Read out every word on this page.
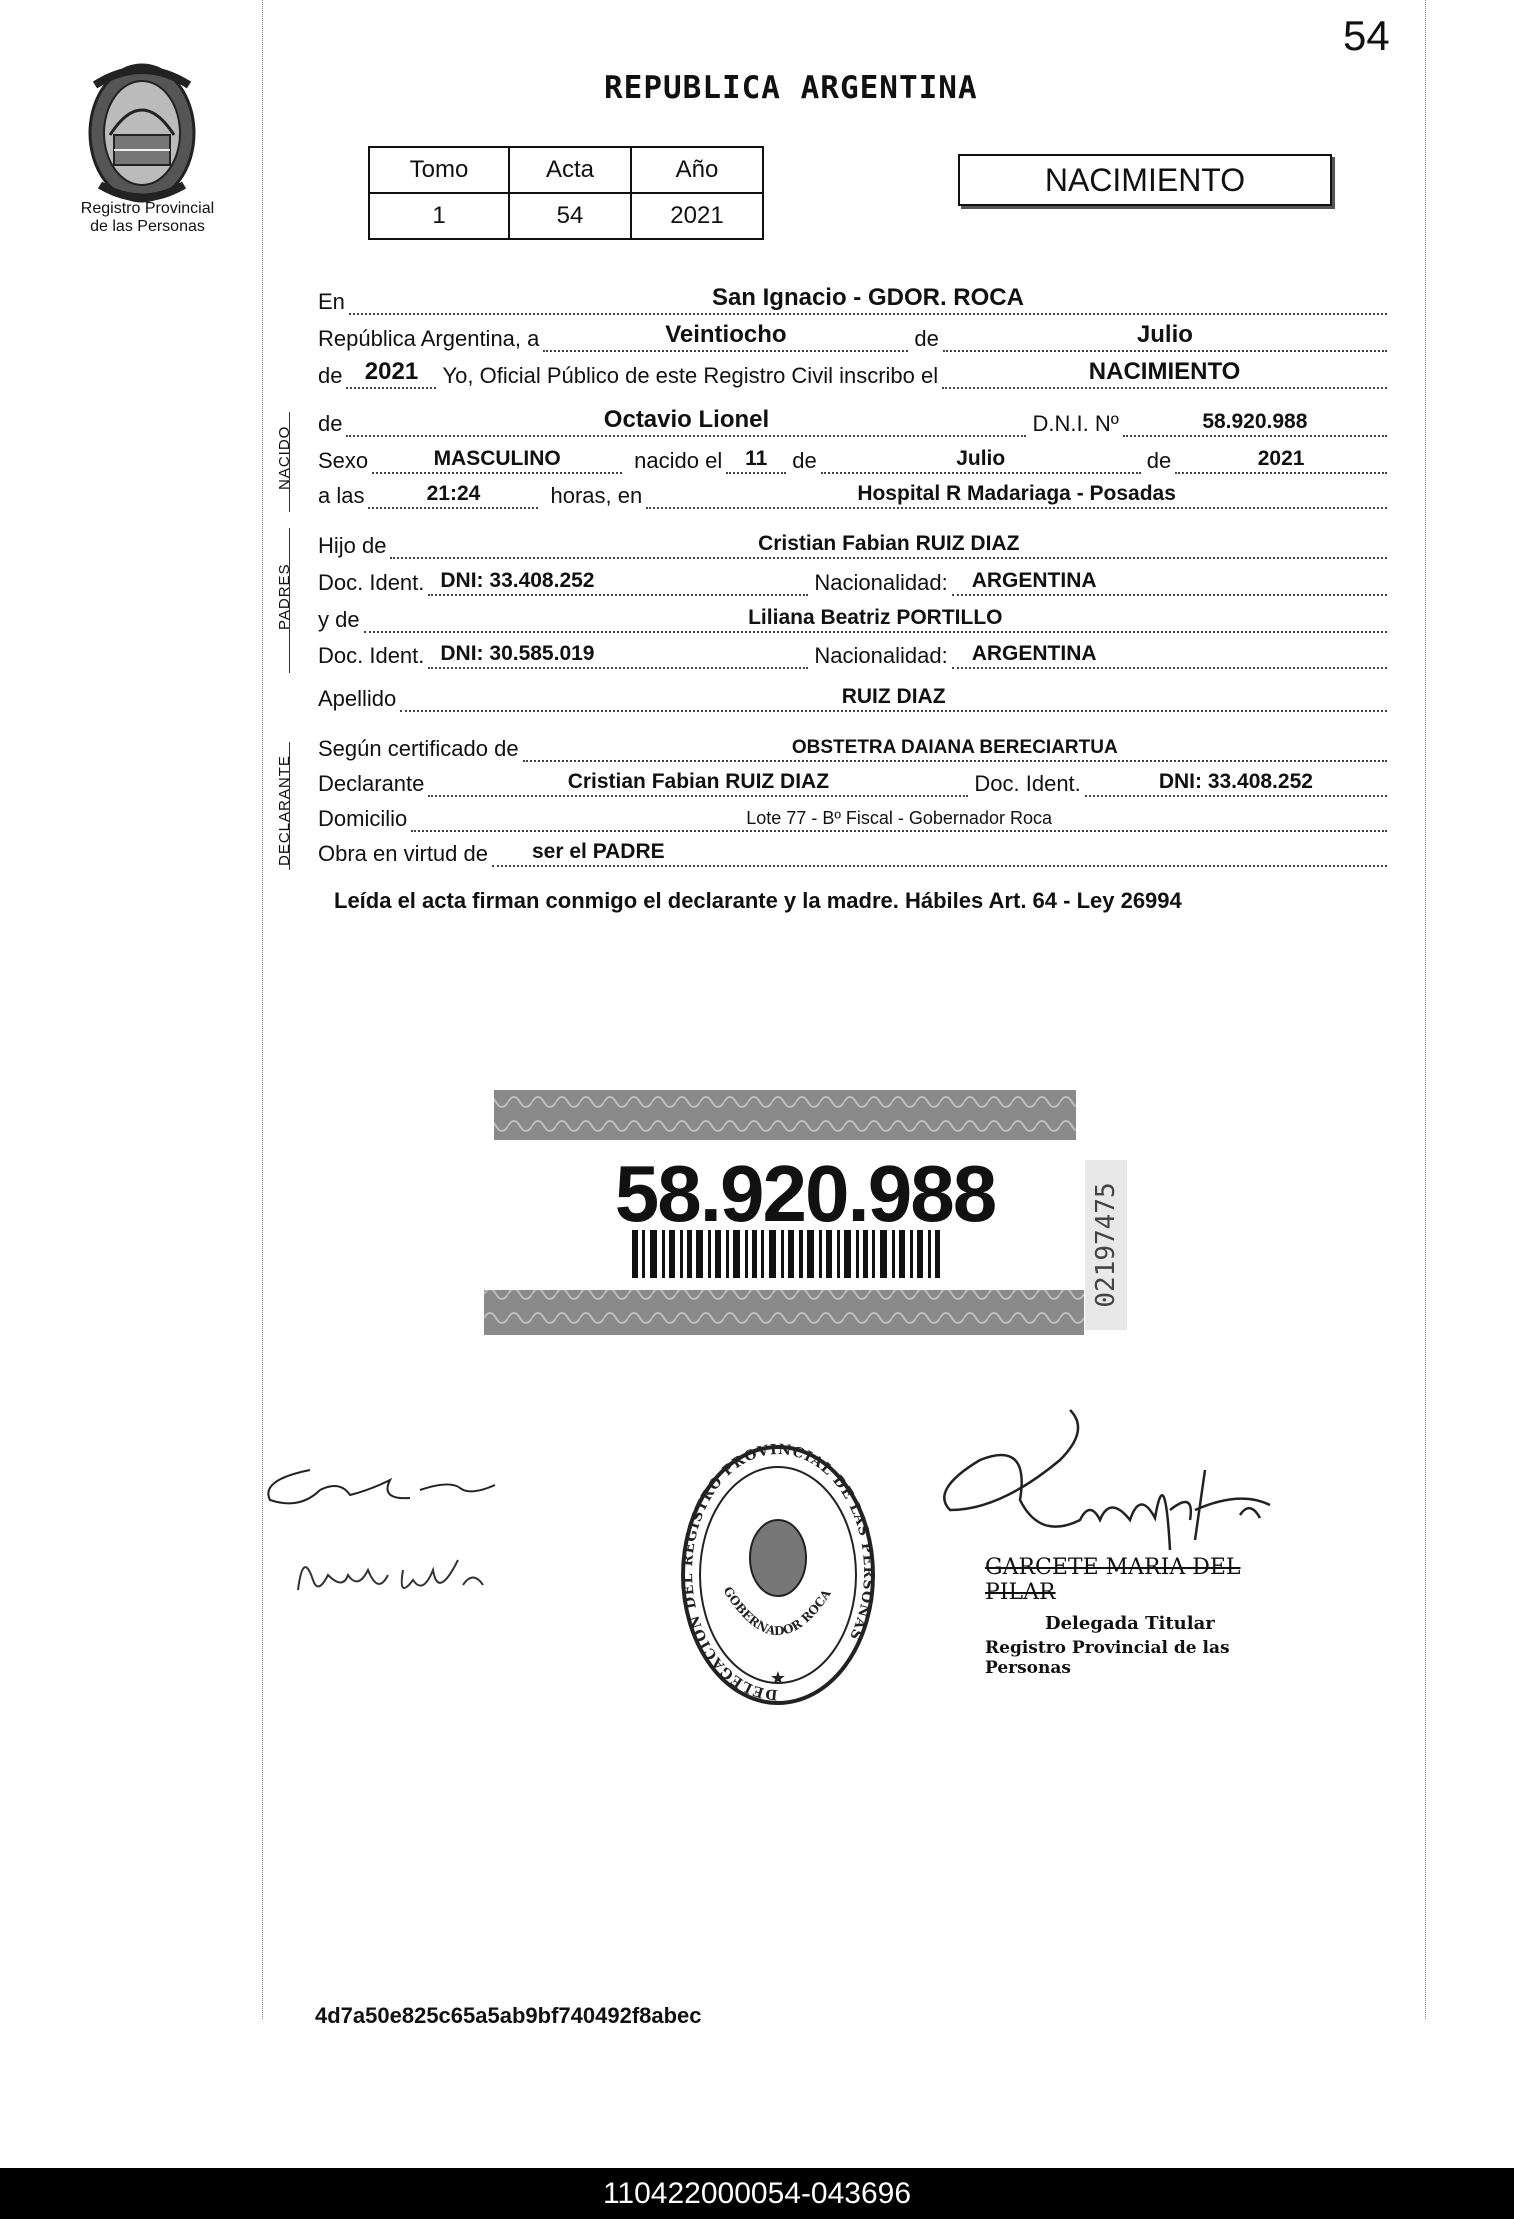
54
Registro Provincial
de las Personas
REPUBLICA ARGENTINA
Tomo	Acta	Año
1	54	2021
NACIMIENTO
En	San Ignacio - GDOR. ROCA
República Argentina, a	Veintiocho	de	Julio
de 2021	Yo, Oficial Público de este Registro Civil inscribo el	NACIMIENTO
NACIDO
de	Octavio Lionel	D.N.I. Nº	58.920.988
Sexo	MASCULINO	nacido el	11	de	Julio	de	2021
a las	21:24	horas, en	Hospital R Madariaga - Posadas
PADRES
Hijo de	Cristian Fabian RUIZ DIAZ
Doc. Ident. DNI: 33.408.252	Nacionalidad:	ARGENTINA
y de	Liliana Beatriz PORTILLO
Doc. Ident. DNI: 30.585.019	Nacionalidad:	ARGENTINA
Apellido	RUIZ DIAZ
DECLARANTE
Según certificado de	OBSTETRA DAIANA BERECIARTUA
Declarante	Cristian Fabian RUIZ DIAZ	Doc. Ident.	DNI: 33.408.252
Domicilio	Lote 77 - Bº Fiscal - Gobernador Roca
Obra en virtud de	ser el PADRE
Leída el acta firman conmigo el declarante y la madre. Hábiles Art. 64 - Ley 26994
58.920.988	02197475
DELEGACION DEL REGISTRO PROVINCIAL DE LAS PERSONAS
GOBERNADOR ROCA
★
GARCETE MARIA DEL PILAR
Delegada Titular
Registro Provincial de las Personas
4d7a50e825c65a5ab9bf740492f8abec
110422000054-043696
